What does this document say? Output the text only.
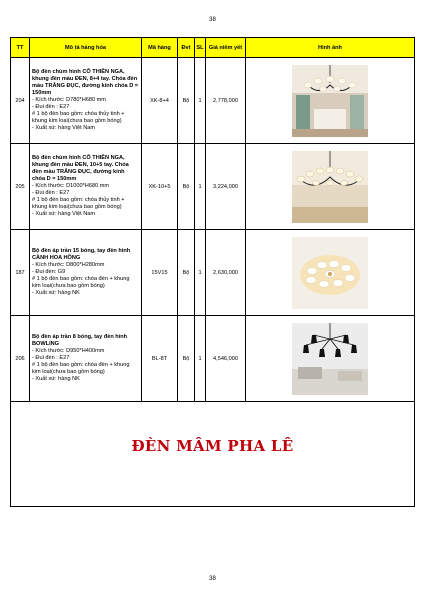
38
TT	Mô tả hàng hóa	Mã hàng	Đvt	SL	Giá niêm yết	Hình ảnh
204	Bộ đèn chùm hình CÔ THIÊN NGA, khung đèn màu ĐEN, 8+4 tay. Chóa đèn màu TRẮNG ĐỤC, đường kính chóa D = 150mm
- Kích thước: D780*H680 mm
- Đui đèn : E27
# 1 bộ đèn bao gồm: chóa thủy tinh + khung kim loại(chưa bao gồm bóng)
- Xuất xứ: hàng Việt Nam	XK-8+4	Bộ	1	2,778,000	
205	Bộ đèn chùm hình CÔ THIÊN NGA, khung đèn màu ĐEN, 10+5 tay. Chóa đèn màu TRẮNG ĐỤC, đường kính chóa D = 150mm
- Kích thước: D1000*H680 mm
- Đui đèn : E27
# 1 bộ đèn bao gồm: chóa thủy tinh + khung kim loại(chưa bao gồm bóng)
- Xuất xứ: hàng Việt Nam	XK-10+5	Bộ	1	3,224,000	
187	Bộ đèn áp trần 15 bóng, tay đèn hình CÀNH HOA HỒNG
- Kích thước: D800*H280mm
- Đui đèn: G9
# 1 bộ đèn bao gồm: chóa đèn + khung kim loại(chưa bao gồm bóng)
- Xuất xứ: hàng NK	15V15	Bộ	1	2,630,000	
206	Bộ đèn áp trần 8 bóng, tay đèn hình BOWLING
- Kích thước: D950*H400mm
- Đui đèn : E27
# 1 bộ đèn bao gồm: chóa đèn + khung kim loại(chưa bao gồm bóng)
- Xuất xứ: hàng NK	BL-8T	Bộ	1	4,546,000	
ĐÈN MÂM PHA LÊ						
38
